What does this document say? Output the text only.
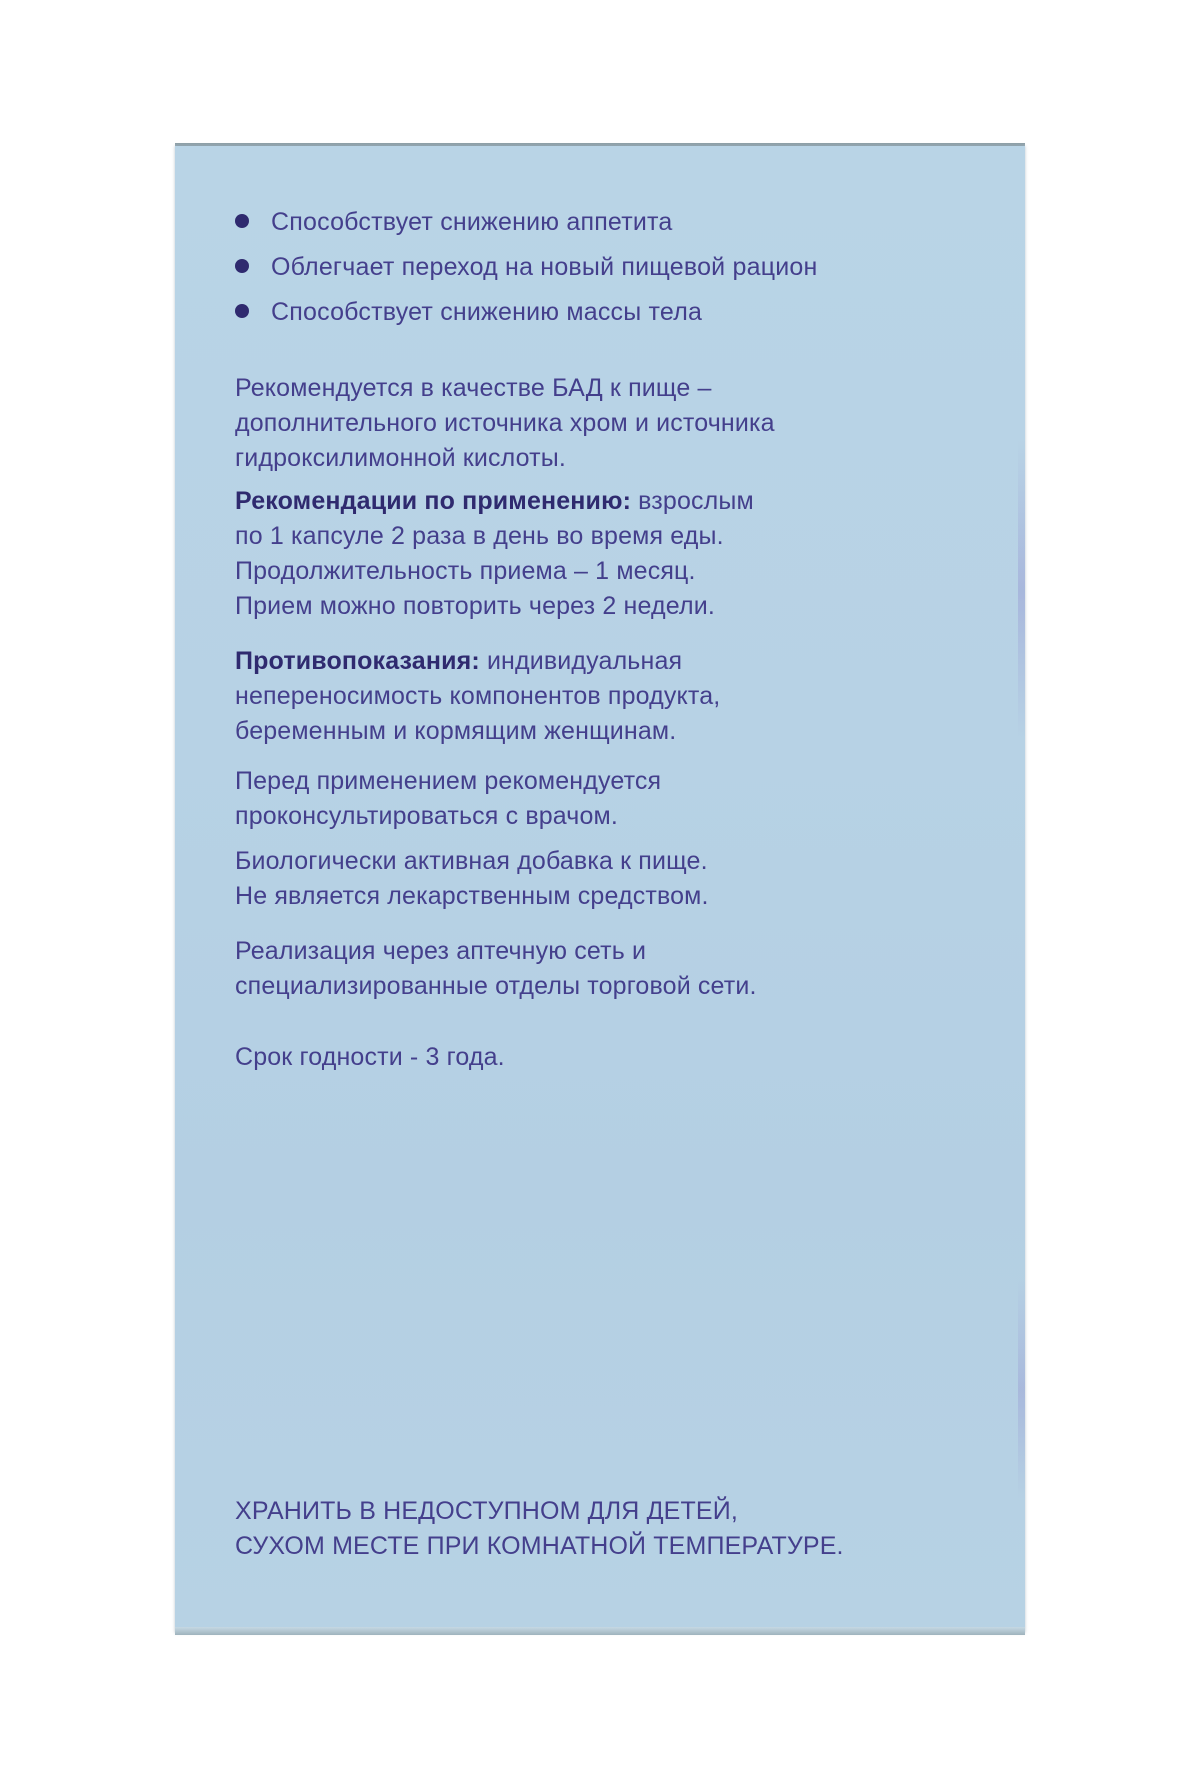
Способствует снижению аппетита
Облегчает переход на новый пищевой рацион
Способствует снижению массы тела

Рекомендуется в качестве БАД к пище –
дополнительного источника хром и источника
гидроксилимонной кислоты.

Рекомендации по применению: взрослым
по 1 капсуле 2 раза в день во время еды.
Продолжительность приема – 1 месяц.
Прием можно повторить через 2 недели.

Противопоказания: индивидуальная
непереносимость компонентов продукта,
беременным и кормящим женщинам.

Перед применением рекомендуется
проконсультироваться с врачом.

Биологически активная добавка к пище.
Не является лекарственным средством.

Реализация через аптечную сеть и
специализированные отделы торговой сети.

Срок годности - 3 года.

ХРАНИТЬ В НЕДОСТУПНОМ ДЛЯ ДЕТЕЙ,
СУХОМ МЕСТЕ ПРИ КОМНАТНОЙ ТЕМПЕРАТУРЕ.
